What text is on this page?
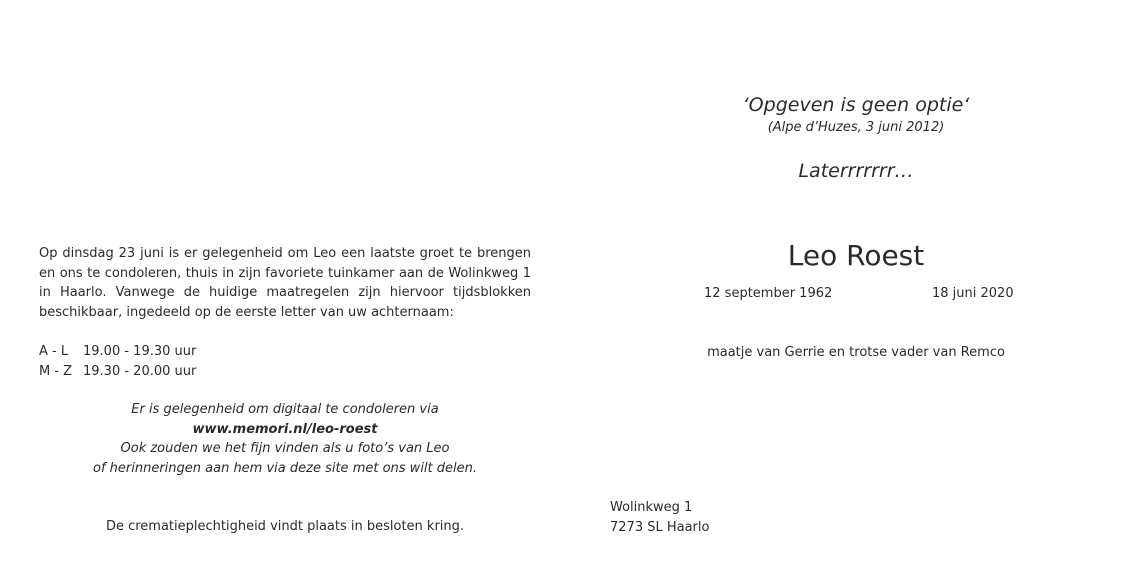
Op dinsdag 23 juni is er gelegenheid om Leo een laatste groet te brengen en ons te condoleren, thuis in zijn favoriete tuinkamer aan de Wolinkweg 1 in Haarlo. Vanwege de huidige maatregelen zijn hiervoor tijdsblokken beschikbaar, ingedeeld op de eerste letter van uw achternaam:
A - L 19.00 - 19.30 uur
M - Z 19.30 - 20.00 uur
Er is gelegenheid om digitaal te condoleren via
www.memori.nl/leo-roest
Ook zouden we het fijn vinden als u foto’s van Leo
of herinneringen aan hem via deze site met ons wilt delen.
De crematieplechtigheid vindt plaats in besloten kring.
‘Opgeven is geen optie‘
(Alpe d’Huzes, 3 juni 2012)
Laterrrrrrr…
Leo Roest
12 september 1962	18 juni 2020
maatje van Gerrie en trotse vader van Remco
Wolinkweg 1
7273 SL Haarlo
